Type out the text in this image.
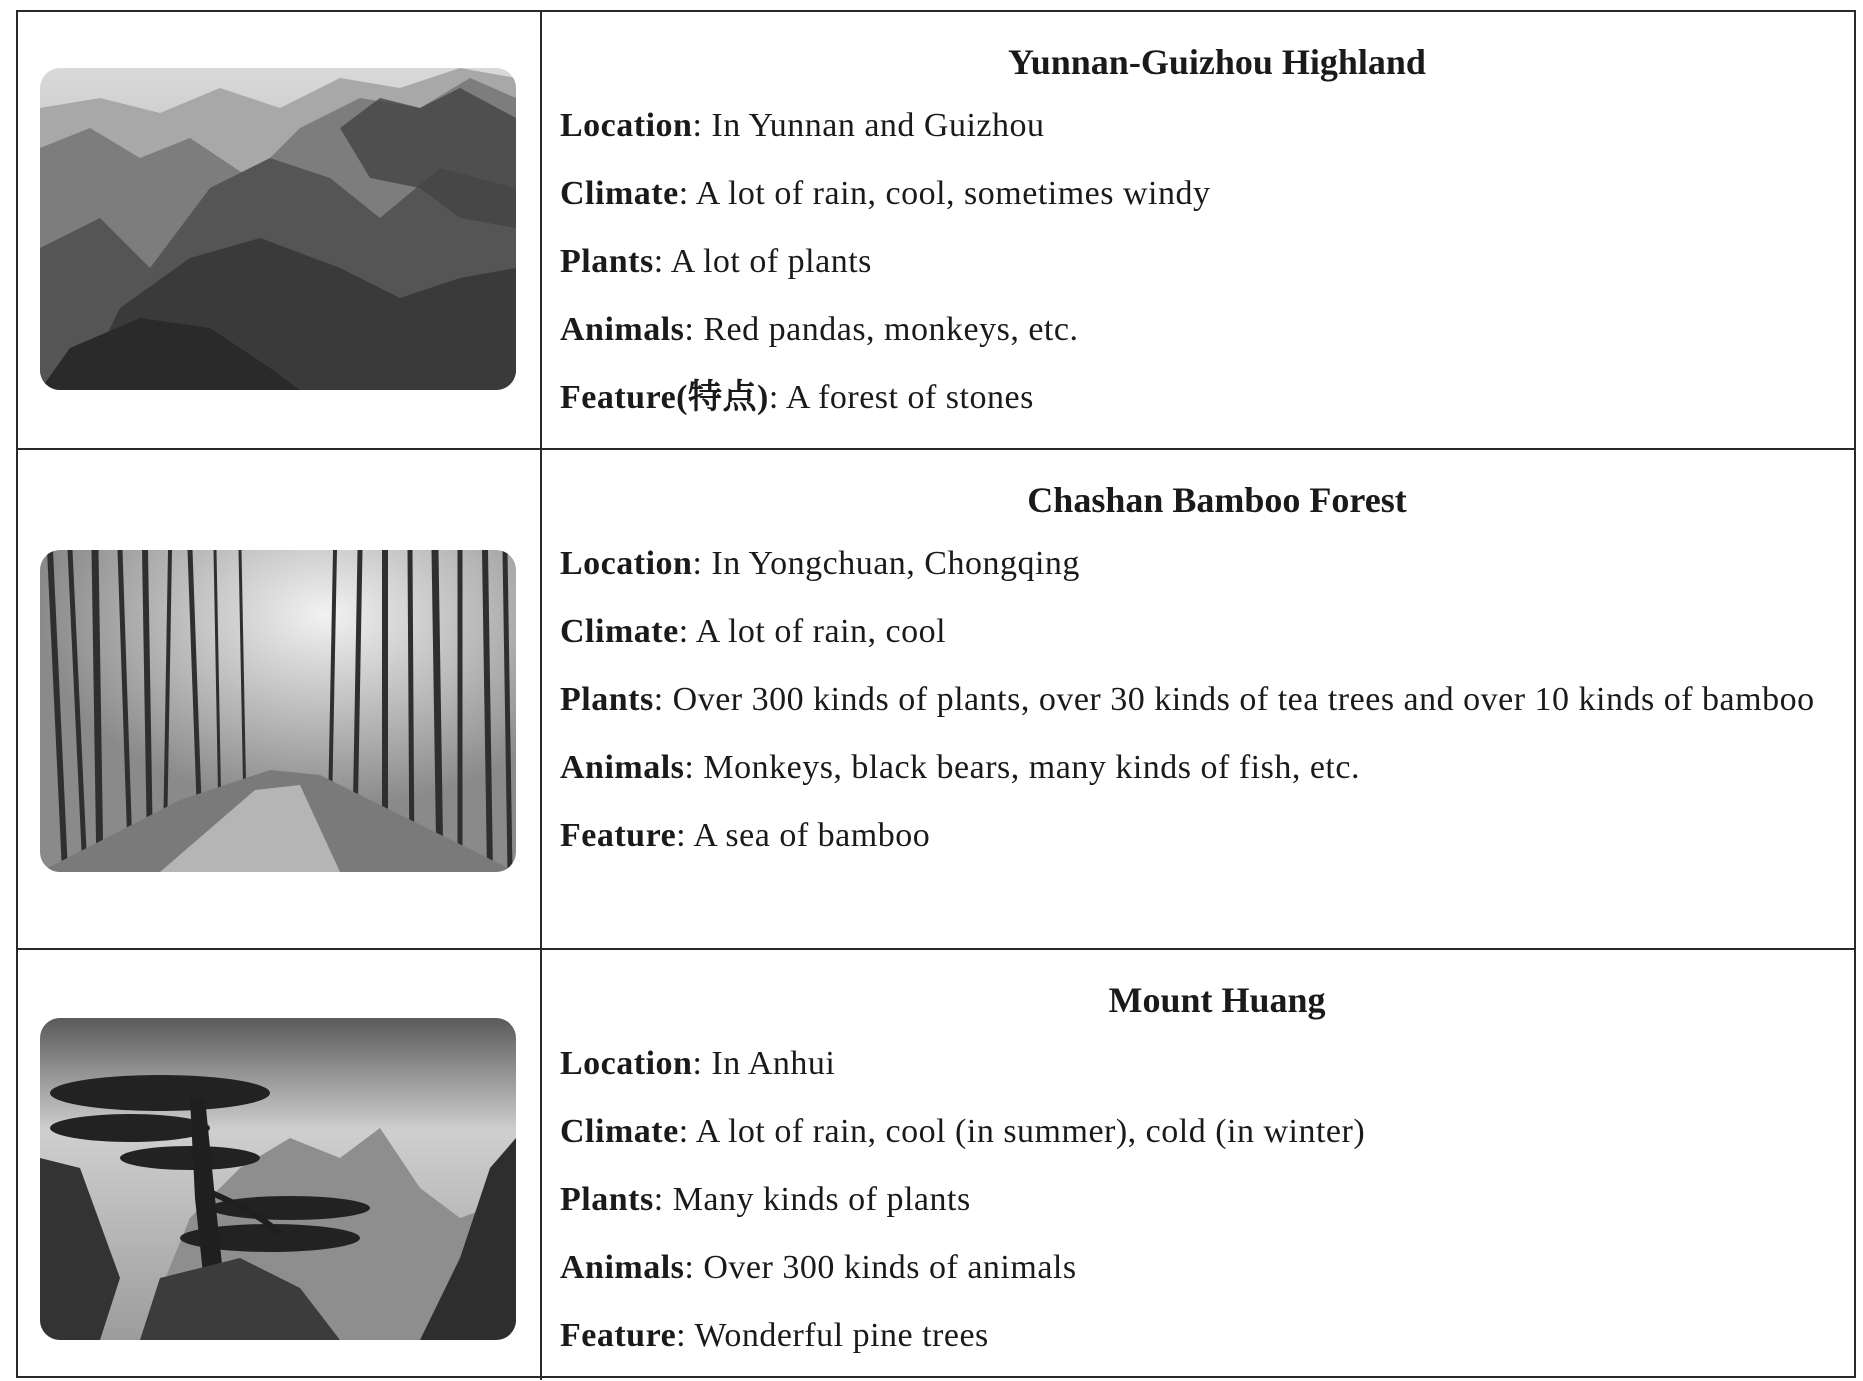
Yunnan-Guizhou Highland
Location: In Yunnan and Guizhou
Climate: A lot of rain, cool, sometimes windy
Plants: A lot of plants
Animals: Red pandas, monkeys, etc.
Feature(特点): A forest of stones
Chashan Bamboo Forest
Location: In Yongchuan, Chongqing
Climate: A lot of rain, cool
Plants: Over 300 kinds of plants, over 30 kinds of tea trees and over 10 kinds of bamboo
Animals: Monkeys, black bears, many kinds of fish, etc.
Feature: A sea of bamboo
Mount Huang
Location: In Anhui
Climate: A lot of rain, cool (in summer), cold (in winter)
Plants: Many kinds of plants
Animals: Over 300 kinds of animals
Feature: Wonderful pine trees
